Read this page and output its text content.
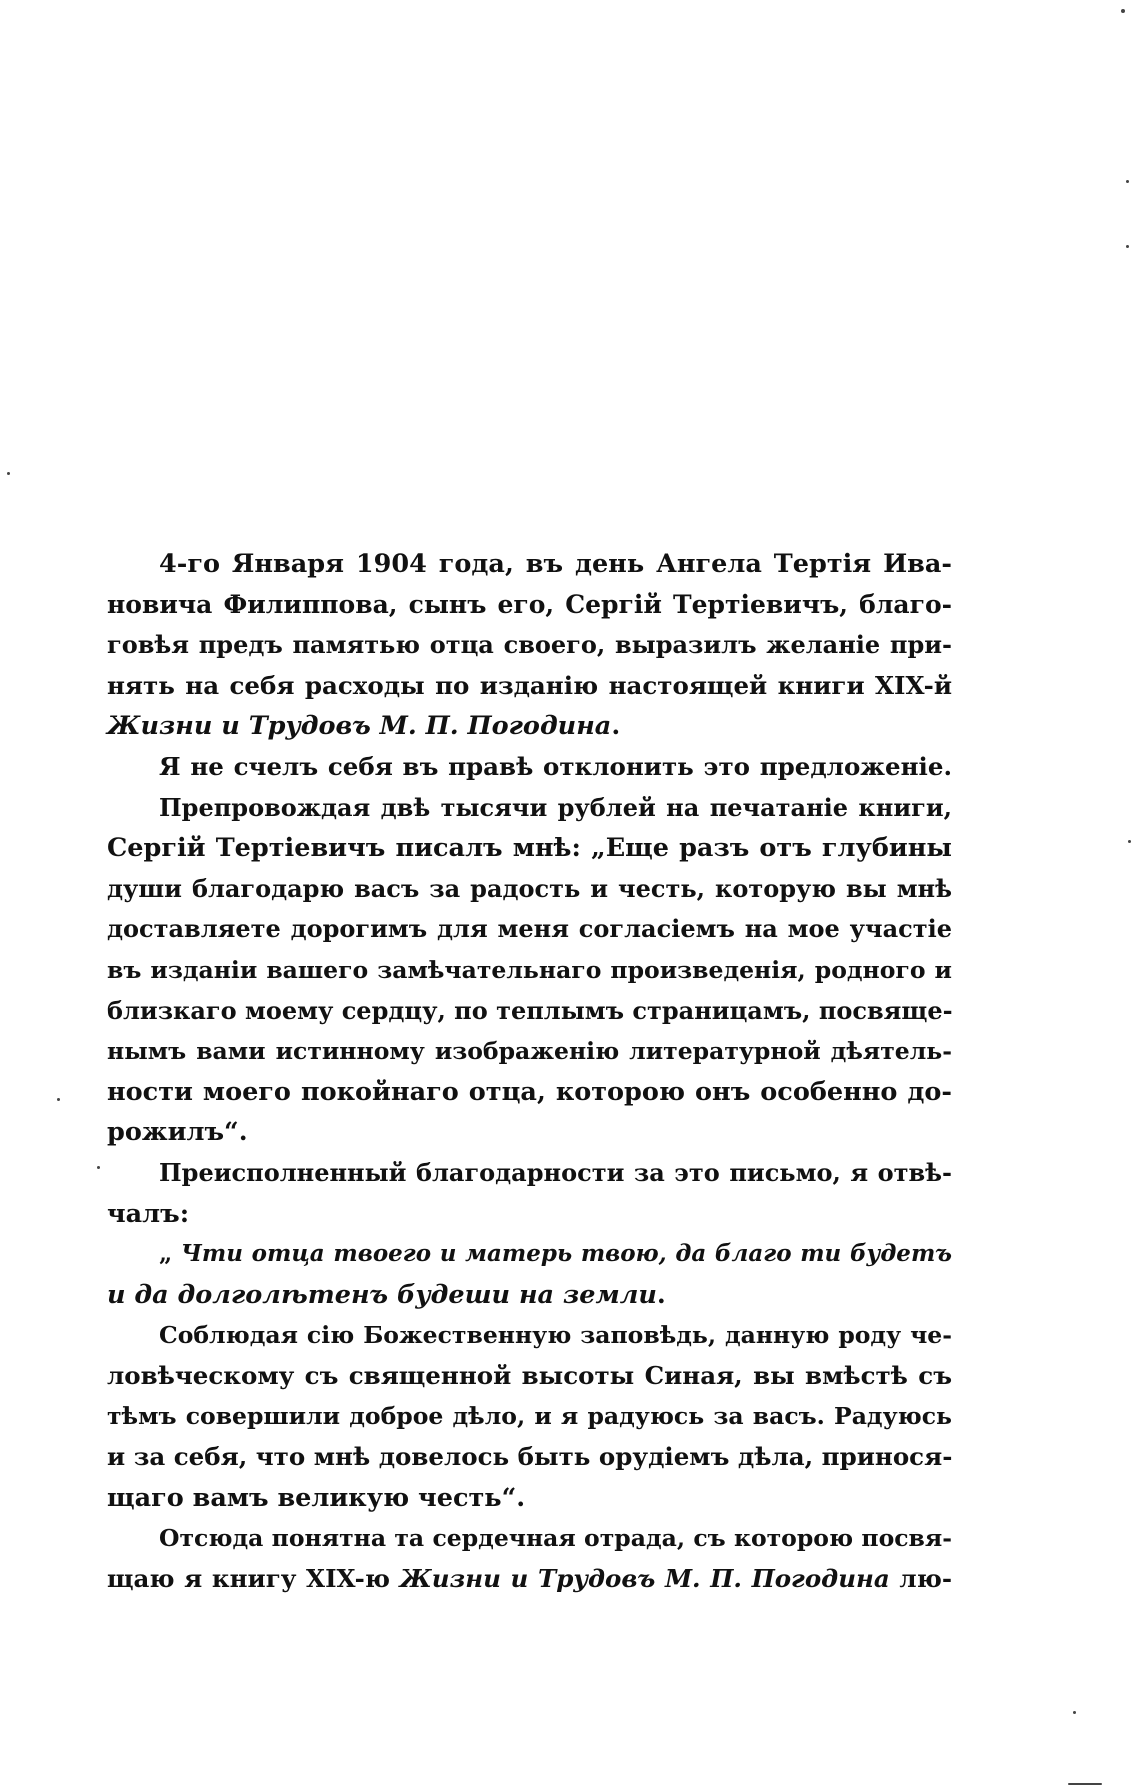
4-го Января 1904 года, въ день Ангела Тертія Ива-
новича Филиппова, сынъ его, Сергій Тертіевичъ, благо-
говѣя предъ памятью отца своего, выразилъ желаніе при-
нять на себя расходы по изданію настоящей книги XIX-й
Жизни и Трудовъ М. П. Погодина.
Я не счелъ себя въ правѣ отклонить это предложеніе.
Препровождая двѣ тысячи рублей на печатаніе книги,
Сергій Тертіевичъ писалъ мнѣ: „Еще разъ отъ глубины
души благодарю васъ за радость и честь, которую вы мнѣ
доставляете дорогимъ для меня согласіемъ на мое участіе
въ изданіи вашего замѣчательнаго произведенія, родного и
близкаго моему сердцу, по теплымъ страницамъ, посвяще-
нымъ вами истинному изображенію литературной дѣятель-
ности моего покойнаго отца, которою онъ особенно до-
рожилъ“.
Преисполненный благодарности за это письмо, я отвѣ-
чалъ:
„ Чти отца твоего и матерь твою, да благо ти будетъ
и да долголѣтенъ будеши на земли.
Соблюдая сію Божественную заповѣдь, данную роду че-
ловѣческому съ священной высоты Синая, вы вмѣстѣ съ
тѣмъ совершили доброе дѣло, и я радуюсь за васъ. Радуюсь
и за себя, что мнѣ довелось быть орудіемъ дѣла, принося-
щаго вамъ великую честь“.
Отсюда понятна та сердечная отрада, съ которою посвя-
щаю я книгу XIX-ю Жизни и Трудовъ М. П. Погодина лю-
